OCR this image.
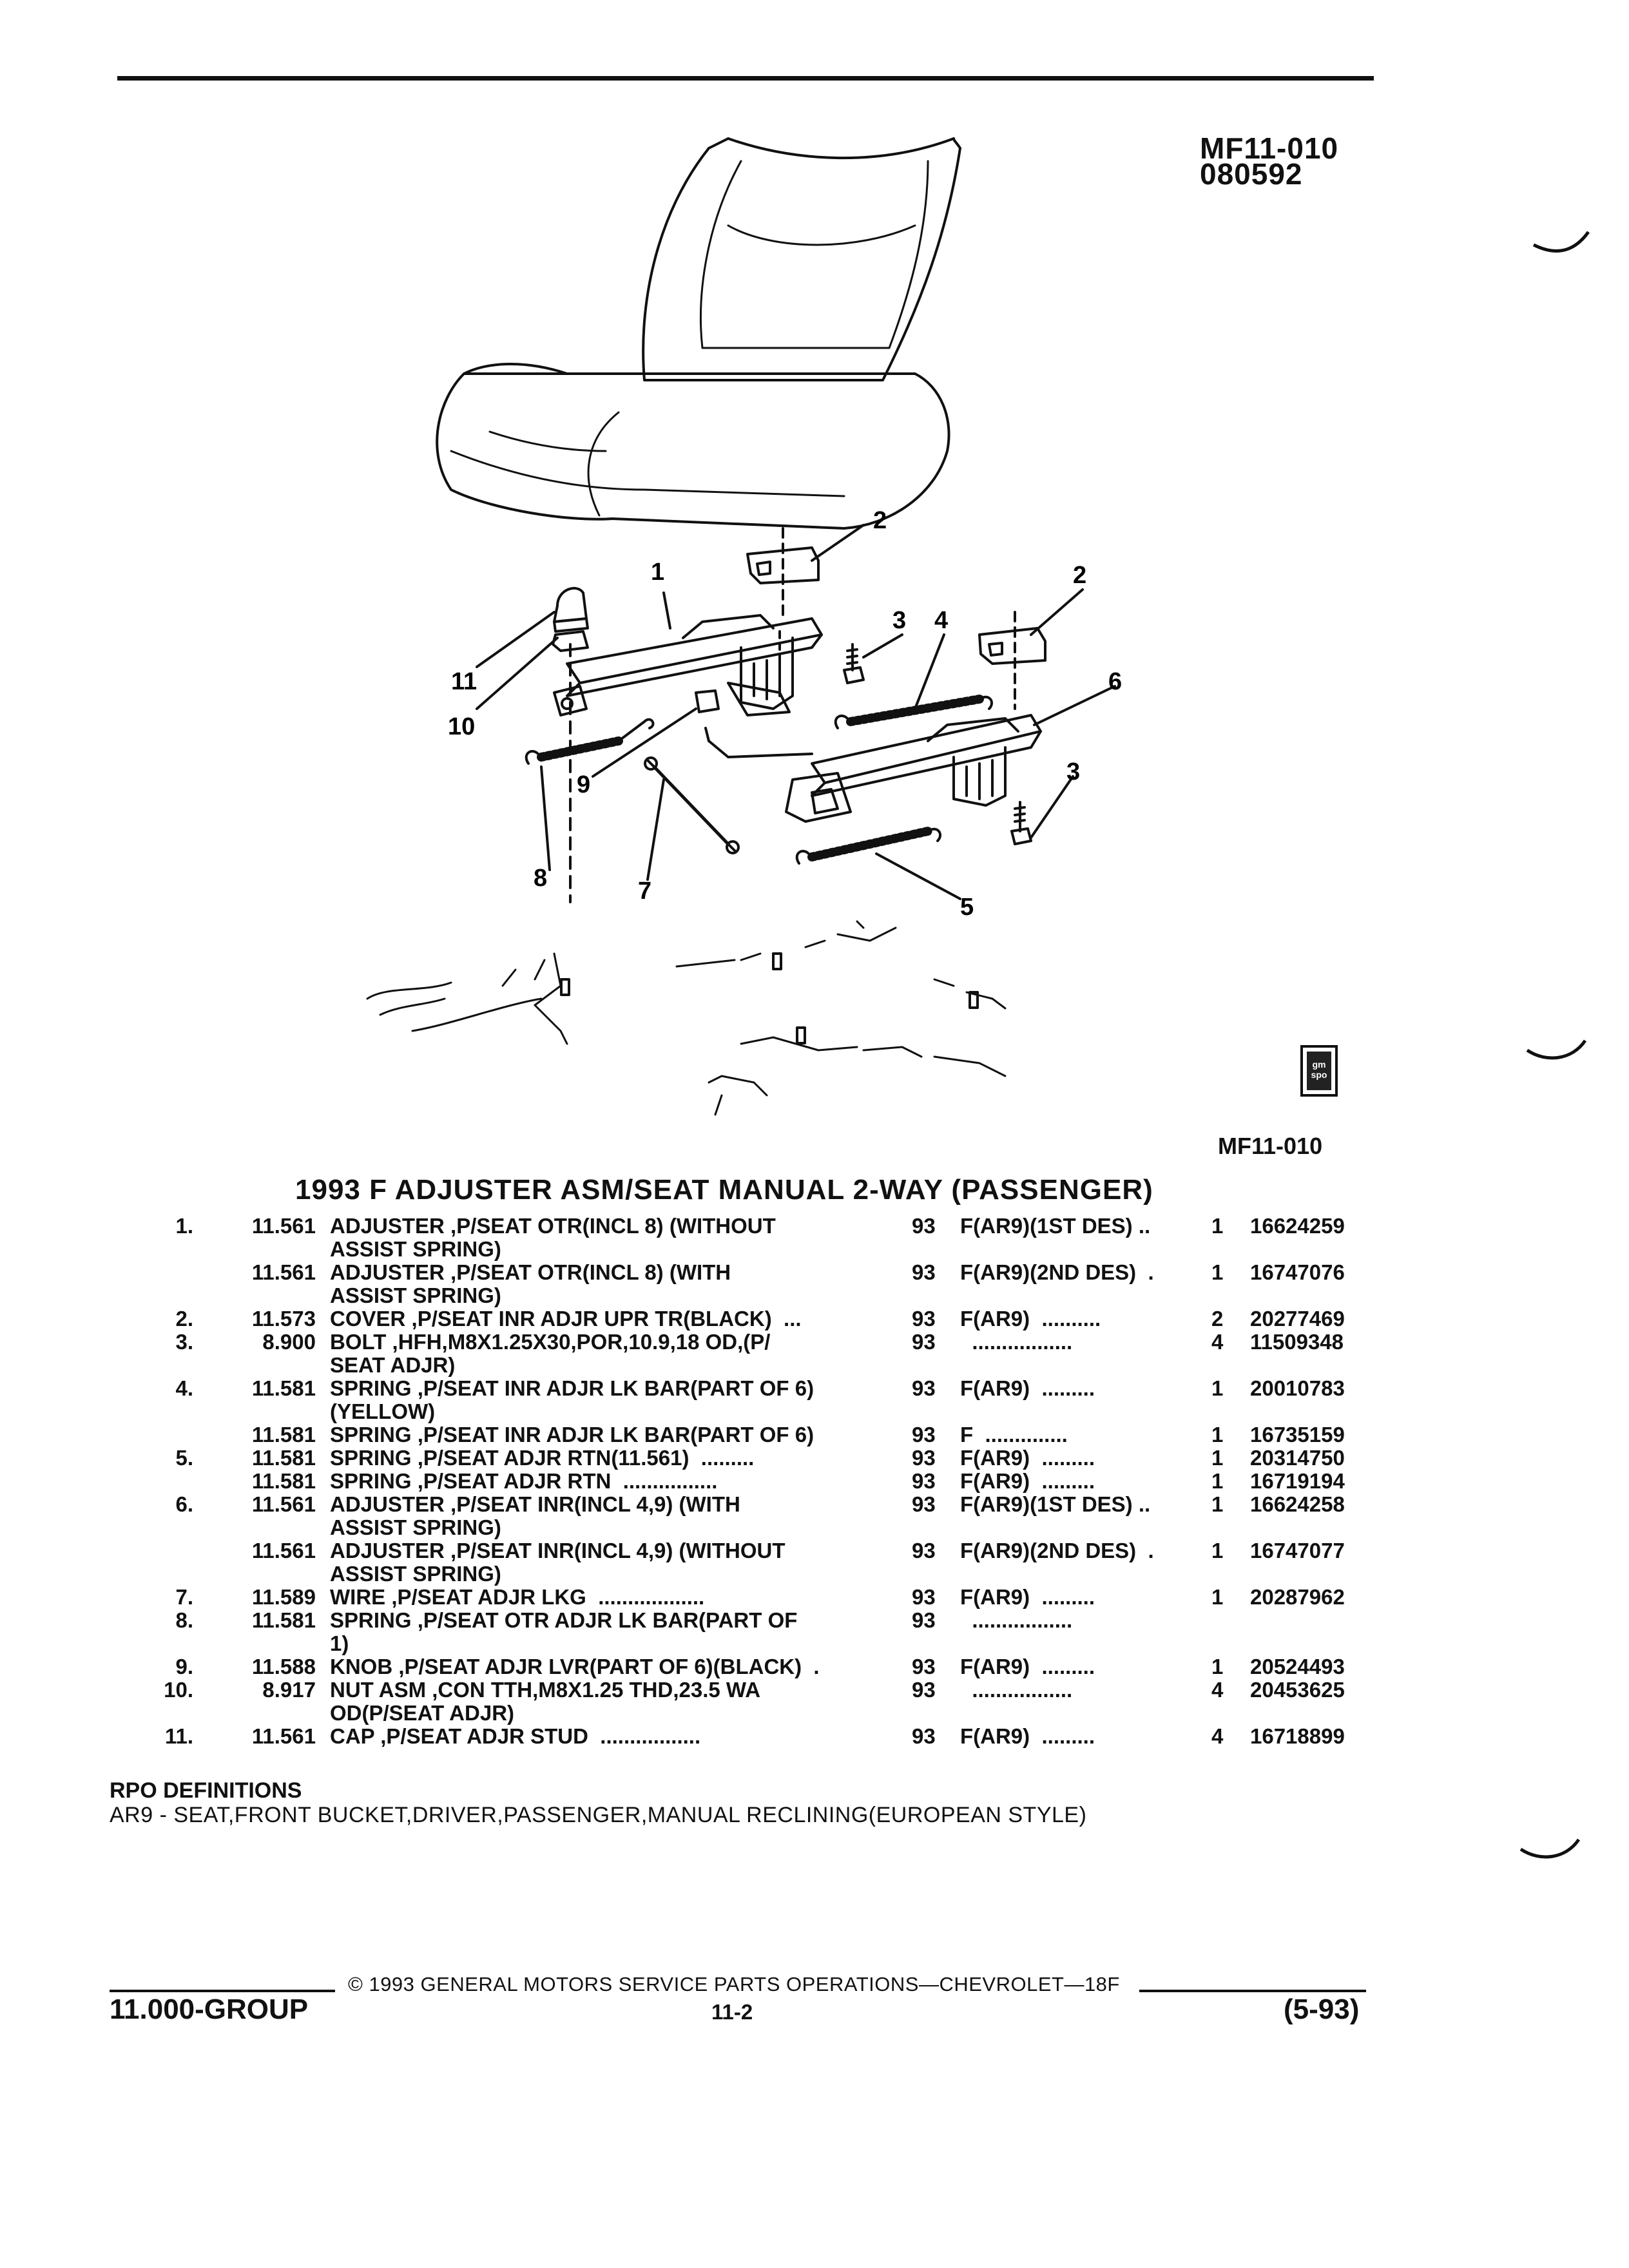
MF11-010
080592
1
2
2
3
3
4
5
6
7
8
9
10
11
gm spo
MF11-010
1993 F ADJUSTER ASM/SEAT MANUAL 2-WAY (PASSENGER)
1.	11.561 ADJUSTER ,P/SEAT OTR(INCL 8) (WITHOUT	93 F(AR9)(1ST DES) ..	1 16624259
ASSIST SPRING)
11.561 ADJUSTER ,P/SEAT OTR(INCL 8) (WITH	93 F(AR9)(2ND DES)  .	1 16747076
ASSIST SPRING)
2.	11.573 COVER ,P/SEAT INR ADJR UPR TR(BLACK)  ...	93 F(AR9)  ..........	2 20277469
3.	8.900 BOLT ,HFH,M8X1.25X30,POR,10.9,18 OD,(P/	93 .................	4 11509348
SEAT ADJR)
4.	11.581 SPRING ,P/SEAT INR ADJR LK BAR(PART OF 6)	93 F(AR9)  .........	1 20010783
(YELLOW)
11.581 SPRING ,P/SEAT INR ADJR LK BAR(PART OF 6)	93 F  ..............	1 16735159
5.	11.581 SPRING ,P/SEAT ADJR RTN(11.561)  .........	93 F(AR9)  .........	1 20314750
11.581 SPRING ,P/SEAT ADJR RTN  ................	93 F(AR9)  .........	1 16719194
6.	11.561 ADJUSTER ,P/SEAT INR(INCL 4,9) (WITH	93 F(AR9)(1ST DES) ..	1 16624258
ASSIST SPRING)
11.561 ADJUSTER ,P/SEAT INR(INCL 4,9) (WITHOUT	93 F(AR9)(2ND DES)  .	1 16747077
ASSIST SPRING)
7.	11.589 WIRE ,P/SEAT ADJR LKG  ..................	93 F(AR9)  .........	1 20287962
8.	11.581 SPRING ,P/SEAT OTR ADJR LK BAR(PART OF	93 .................
1)
9.	11.588 KNOB ,P/SEAT ADJR LVR(PART OF 6)(BLACK)  .	93 F(AR9)  .........	1 20524493
10.	8.917 NUT ASM ,CON TTH,M8X1.25 THD,23.5 WA	93 .................	4 20453625
OD(P/SEAT ADJR)
11.	11.561 CAP ,P/SEAT ADJR STUD  .................	93 F(AR9)  .........	4 16718899
RPO DEFINITIONS
AR9 - SEAT,FRONT BUCKET,DRIVER,PASSENGER,MANUAL RECLINING(EUROPEAN STYLE)
© 1993 GENERAL MOTORS SERVICE PARTS OPERATIONS—CHEVROLET—18F
11.000-GROUP	11-2	(5-93)
